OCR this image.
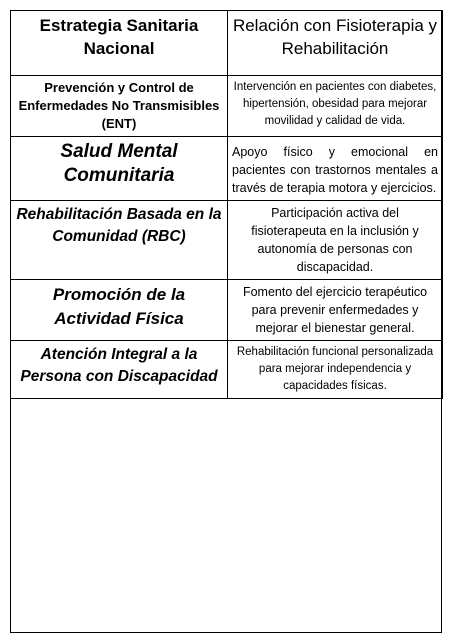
Estrategia Sanitaria Nacional	Relación con Fisioterapia y Rehabilitación
Prevención y Control de Enfermedades No Transmisibles (ENT)	Intervención en pacientes con diabetes, hipertensión, obesidad para mejorar movilidad y calidad de vida.
Salud Mental Comunitaria	Apoyo físico y emocional en pacientes con trastornos mentales a través de terapia motora y ejercicios.
Rehabilitación Basada en la Comunidad (RBC)	Participación activa del fisioterapeuta en la inclusión y autonomía de personas con discapacidad.
Promoción de la Actividad Física	Fomento del ejercicio terapéutico para prevenir enfermedades y mejorar el bienestar general.
Atención Integral a la Persona con Discapacidad	Rehabilitación funcional personalizada para mejorar independencia y capacidades físicas.
